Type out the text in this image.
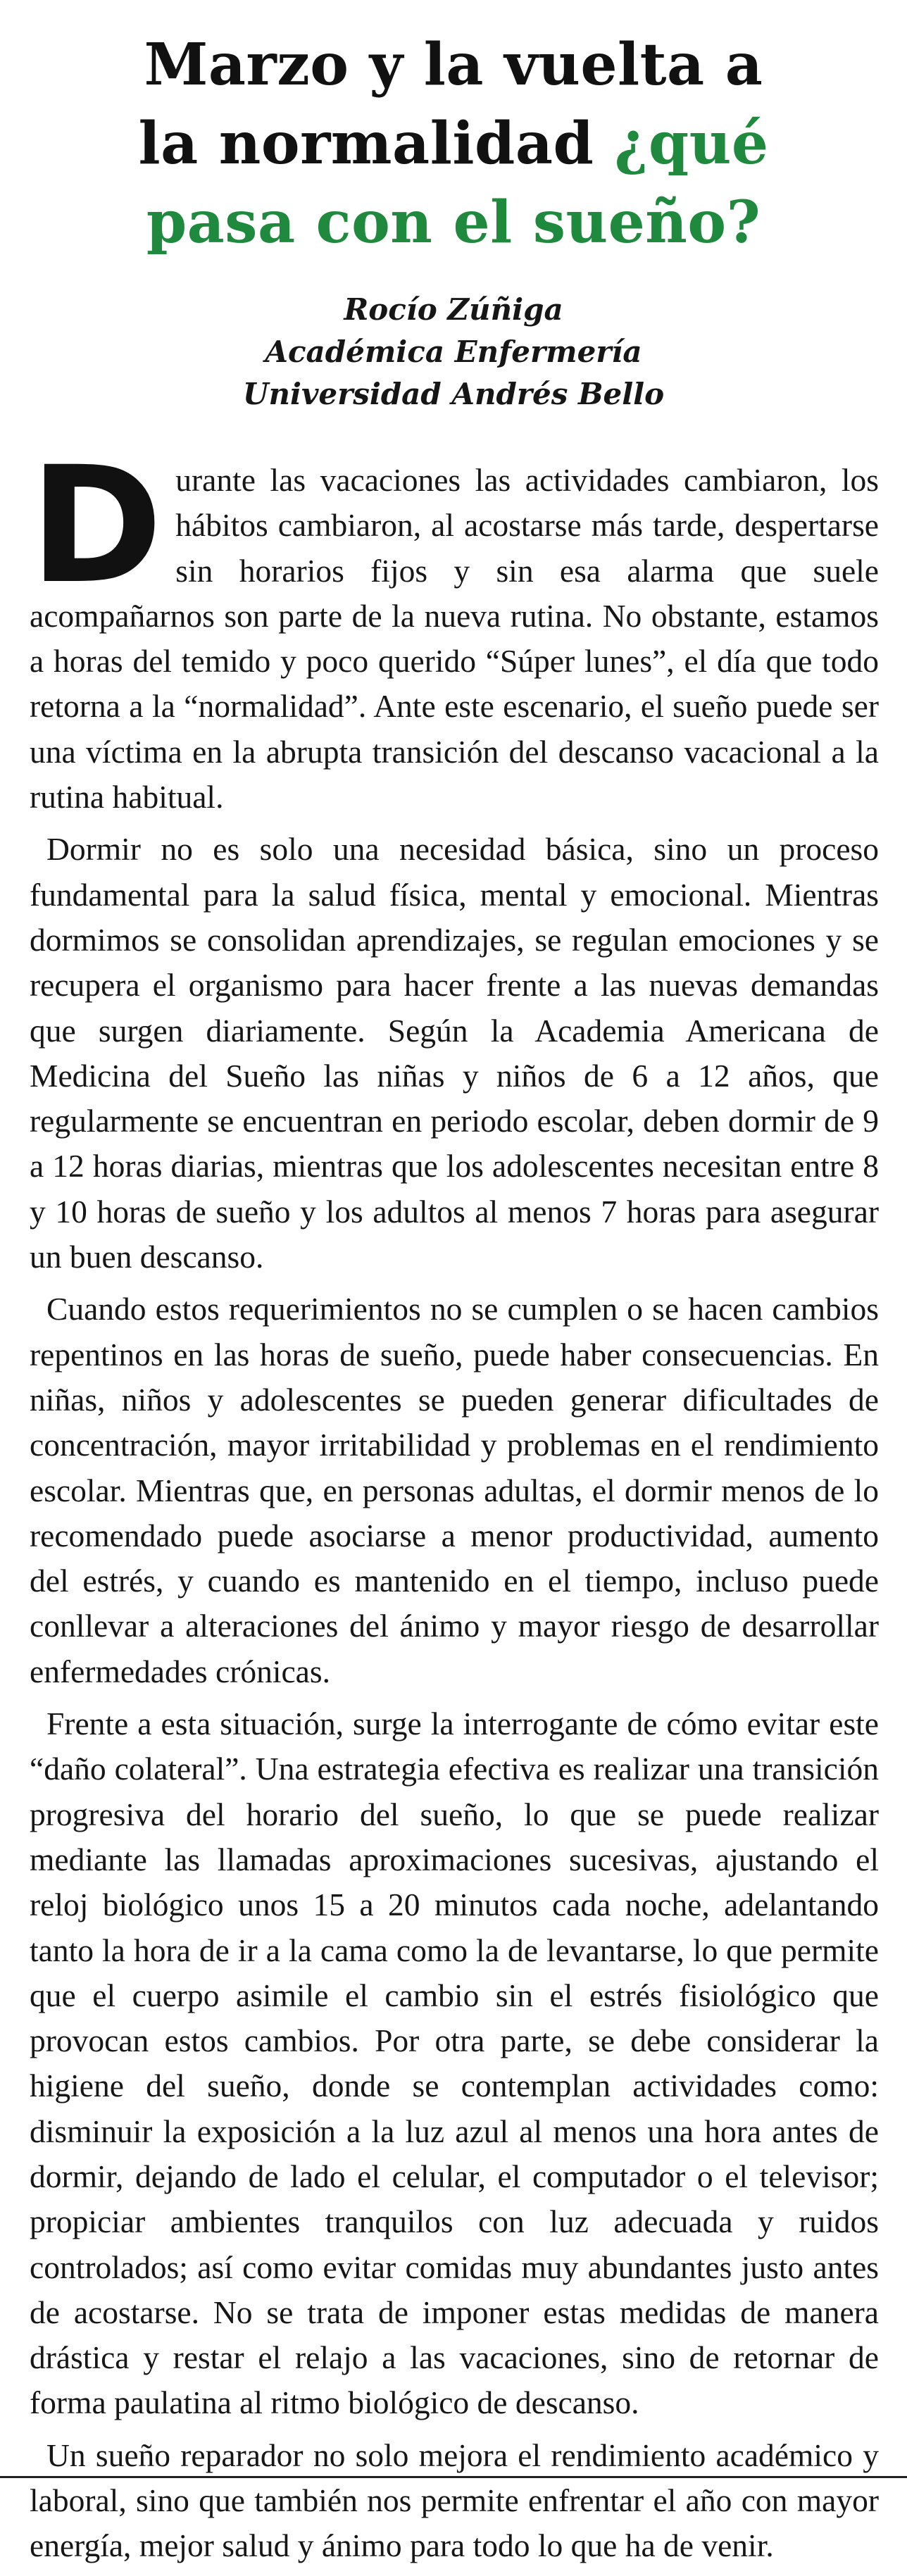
Marzo y la vuelta a
la normalidad ¿qué
pasa con el sueño?
Rocío Zúñiga
Académica Enfermería
Universidad Andrés Bello

Durante las vacaciones las actividades cambiaron, los hábitos cambiaron, al acostarse más tarde, despertarse sin horarios fijos y sin esa alarma que suele acompañarnos son parte de la nueva rutina. No obstante, estamos a horas del temido y poco querido “Súper lunes”, el día que todo retorna a la “normalidad”. Ante este escenario, el sueño puede ser una víctima en la abrupta transición del descanso vacacional a la rutina habitual.

Dormir no es solo una necesidad básica, sino un proceso fundamental para la salud física, mental y emocional. Mientras dormimos se consolidan aprendizajes, se regulan emociones y se recupera el organismo para hacer frente a las nuevas demandas que surgen diariamente. Según la Academia Americana de Medicina del Sueño las niñas y niños de 6 a 12 años, que regularmente se encuentran en periodo escolar, deben dormir de 9 a 12 horas diarias, mientras que los adolescentes necesitan entre 8 y 10 horas de sueño y los adultos al menos 7 horas para asegurar un buen descanso.

Cuando estos requerimientos no se cumplen o se hacen cambios repentinos en las horas de sueño, puede haber consecuencias. En niñas, niños y adolescentes se pueden generar dificultades de concentración, mayor irritabilidad y problemas en el rendimiento escolar. Mientras que, en personas adultas, el dormir menos de lo recomendado puede asociarse a menor productividad, aumento del estrés, y cuando es mantenido en el tiempo, incluso puede conllevar a alteraciones del ánimo y mayor riesgo de desarrollar enfermedades crónicas.

Frente a esta situación, surge la interrogante de cómo evitar este “daño colateral”. Una estrategia efectiva es realizar una transición progresiva del horario del sueño, lo que se puede realizar mediante las llamadas aproximaciones sucesivas, ajustando el reloj biológico unos 15 a 20 minutos cada noche, adelantando tanto la hora de ir a la cama como la de levantarse, lo que permite que el cuerpo asimile el cambio sin el estrés fisiológico que provocan estos cambios. Por otra parte, se debe considerar la higiene del sueño, donde se contemplan actividades como: disminuir la exposición a la luz azul al menos una hora antes de dormir, dejando de lado el celular, el computador o el televisor; propiciar ambientes tranquilos con luz adecuada y ruidos controlados; así como evitar comidas muy abundantes justo antes de acostarse. No se trata de imponer estas medidas de manera drástica y restar el relajo a las vacaciones, sino de retornar de forma paulatina al ritmo biológico de descanso.

Un sueño reparador no solo mejora el rendimiento académico y laboral, sino que también nos permite enfrentar el año con mayor energía, mejor salud y ánimo para todo lo que ha de venir.
